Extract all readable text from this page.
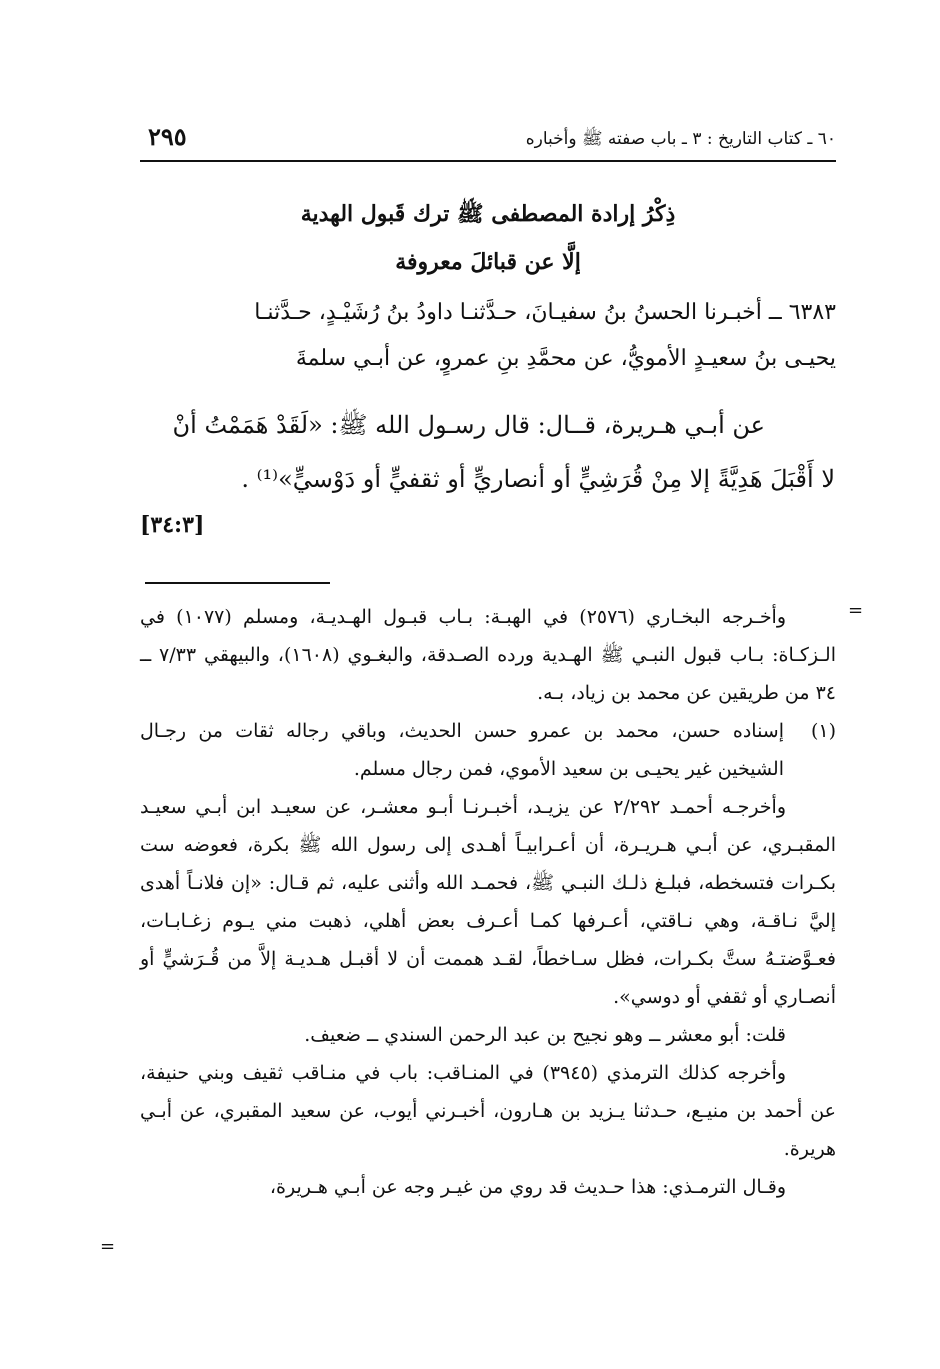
٢٩٥	٦٠ ـ كتاب التاريخ : ٣ ـ باب صفته ﷺ وأخباره
ذِكْرُ إرادة المصطفى ﷺ ترك قَبول الهدية
إلَّا عن قبائلَ معروفة

٦٣٨٣ ــ أخبـرنا الحسنُ بنُ سفيـانَ، حـدَّثنـا داودُ بنُ رُشَيْـدٍ، حـدَّثنـا

يحيـى بنُ سعيـدٍ الأمويُّ، عن محمَّدِ بنِ عمروٍ، عن أبـي سلمةَ

عن أبـي هـريرة، قــال: قال رسـول الله ﷺ: «لَقَدْ هَمَمْتُ أنْ

لا أَقْبَلَ هَدِيَّةً إلا مِنْ قُرَشِيٍّ أو أنصاريٍّ أو ثقفيٍّ أو دَوْسيٍّ»⁽¹⁾ .

[٣٤:٣]
=

وأخـرجه البخـاري (٢٥٧٦) في الهبـة: بـاب قبـول الهـديـة، ومسلم (١٠٧٧) في الـزكـاة: بـاب قبول النبـي ﷺ الهـدية ورده الصـدقة، والبغـوي (١٦٠٨)، والبيهقي ٧/٣٣ ــ ٣٤ من طريقين عن محمد بن زياد، بـه.

(١)
إسناده حسن، محمد بن عمرو حسن الحديث، وباقي رجاله ثقات من رجـال الشيخين غير يحيـى بن سعيد الأموي، فمن رجال مسلم.

وأخرجـه أحمـد ٢/٢٩٢ عن يزيـد، أخبـرنـا أبـو معشـر، عن سعيـد ابن أبـي سعيـد المقبـري، عن أبـي هـريـرة، أن أعـرابيـاً أهـدى إلى رسول الله ﷺ بكرة، فعوضه ست بكـرات فتسخطه، فبلـغ ذلـك النبـي ﷺ، فحمـد الله وأثنى عليه، ثم قـال: «إن فلانـاً أهدى إليَّ نـاقـة، وهي نـاقتي، أعـرفها كمـا أعـرف بعض أهلي، ذهبت مني يـوم زغـابـات، فعـوَّضتـهُ ستَّ بكـرات، فظل سـاخطاً، لقـد هممت أن لا أقبـل هـديـة إلاَّ من قُـرَشيٍّ أو أنصـاري أو ثقفي أو دوسي».

قلت: أبو معشر ــ وهو نجيح بن عبد الرحمن السندي ــ ضعيف.

وأخرجه كذلك الترمذي (٣٩٤٥) في المنـاقب: باب في منـاقب ثقيف وبني حنيفة، عن أحمد بن منيـع، حـدثنا يـزيد بن هـارون، أخبـرني أيوب، عن سعيد المقبري، عن أبـي هريرة.

وقـال الترمـذي: هذا حـديث قد روي من غيـر وجه عن أبـي هـريرة،

=
